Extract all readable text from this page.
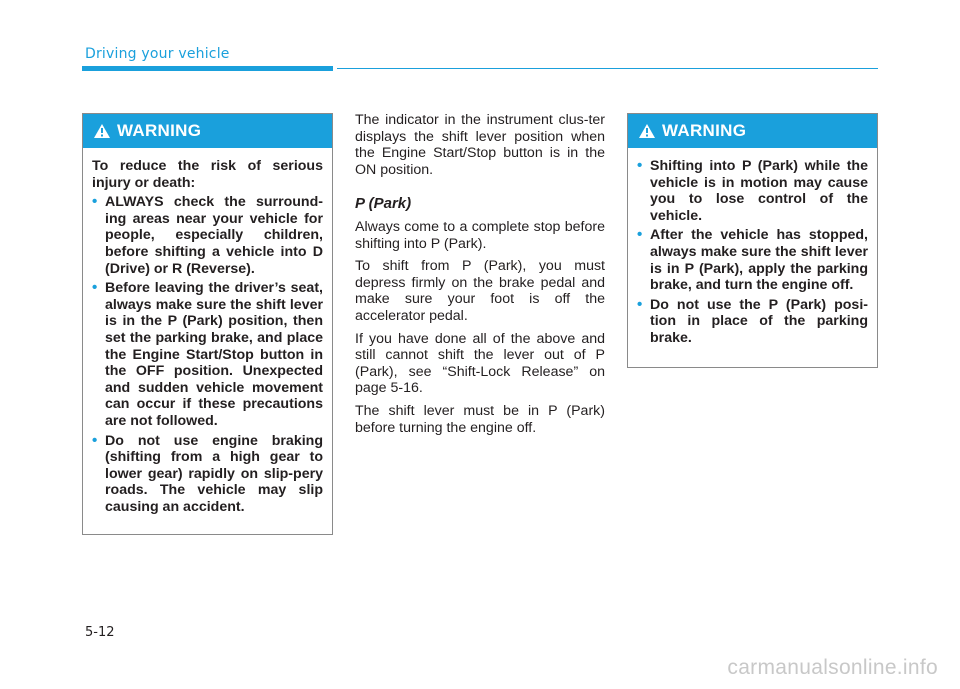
Driving your vehicle
WARNING

To reduce the risk of serious injury or death:

• ALWAYS check the surround-ing areas near your vehicle for people, especially children, before shifting a vehicle into D (Drive) or R (Reverse).
• Before leaving the driver’s seat, always make sure the shift lever is in the P (Park) position, then set the parking brake, and place the Engine Start/Stop button in the OFF position. Unexpected and sudden vehicle movement can occur if these precautions are not followed.
• Do not use engine braking (shifting from a high gear to lower gear) rapidly on slip-pery roads. The vehicle may slip causing an accident.

The indicator in the instrument clus-ter displays the shift lever position when the Engine Start/Stop button is in the ON position.

P (Park)

Always come to a complete stop before shifting into P (Park).

To shift from P (Park), you must depress firmly on the brake pedal and make sure your foot is off the accelerator pedal.

If you have done all of the above and still cannot shift the lever out of P (Park), see “Shift-Lock Release” on page 5-16.

The shift lever must be in P (Park) before turning the engine off.

WARNING
• Shifting into P (Park) while the vehicle is in motion may cause you to lose control of the vehicle.
• After the vehicle has stopped, always make sure the shift lever is in P (Park), apply the parking brake, and turn the engine off.
• Do not use the P (Park) posi-tion in place of the parking brake.
5-12
carmanualsonline.info
